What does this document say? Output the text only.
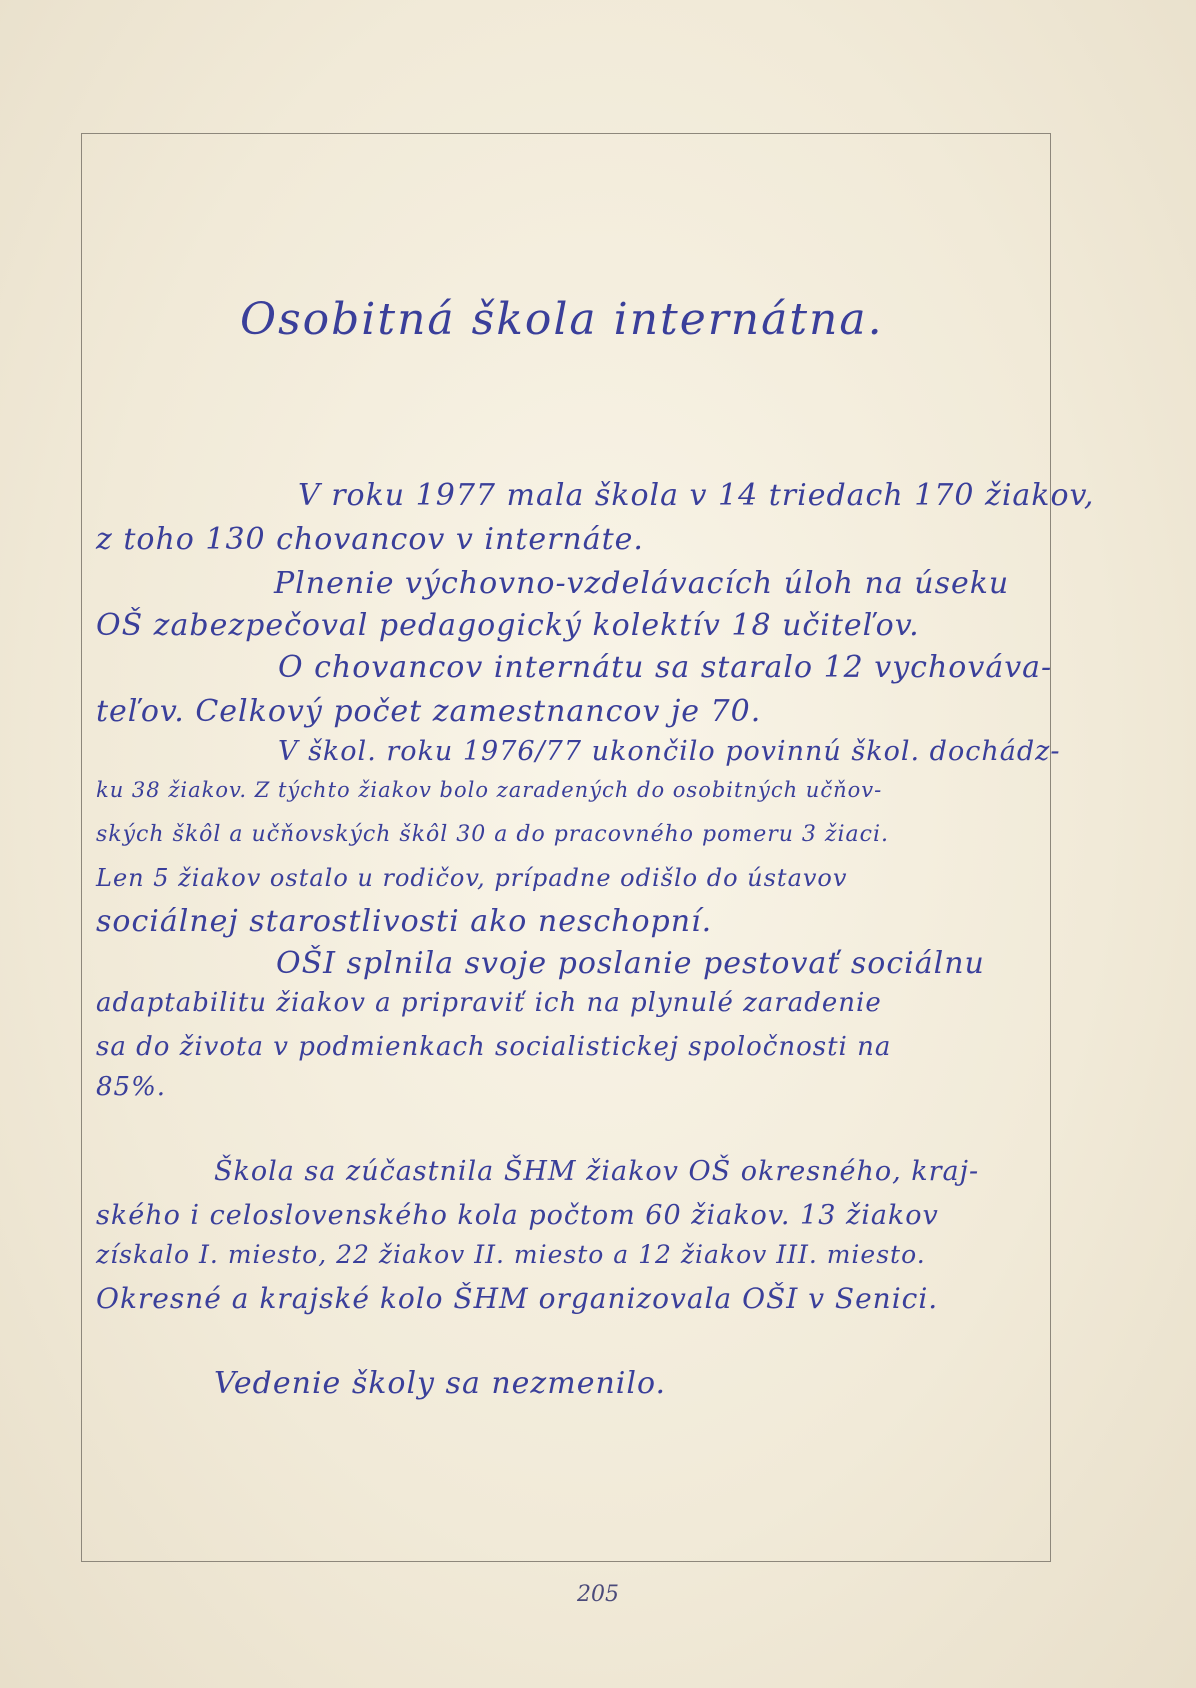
Osobitná škola internátna.
V roku 1977 mala škola v 14 triedach 170 žiakov,
z toho 130 chovancov v internáte.
Plnenie výchovno-vzdelávacích úloh na úseku
OŠ zabezpečoval pedagogický kolektív 18 učiteľov.
O chovancov internátu sa staralo 12 vychováva-
teľov. Celkový počet zamestnancov je 70.
V škol. roku 1976/77 ukončilo povinnú škol. dochádz-
ku 38 žiakov. Z týchto žiakov bolo zaradených do osobitných učňov-
ských škôl a učňovských škôl 30 a do pracovného pomeru 3 žiaci.
Len 5 žiakov ostalo u rodičov, prípadne odišlo do ústavov
sociálnej starostlivosti ako neschopní.
OŠI splnila svoje poslanie pestovať sociálnu
adaptabilitu žiakov a pripraviť ich na plynulé zaradenie
sa do života v podmienkach socialistickej spoločnosti na
85%.
Škola sa zúčastnila ŠHM žiakov OŠ okresného, kraj-
ského i celoslovenského kola počtom 60 žiakov. 13 žiakov
získalo I. miesto, 22 žiakov II. miesto a 12 žiakov III. miesto.
Okresné a krajské kolo ŠHM organizovala OŠI v Senici.
Vedenie školy sa nezmenilo.
205
